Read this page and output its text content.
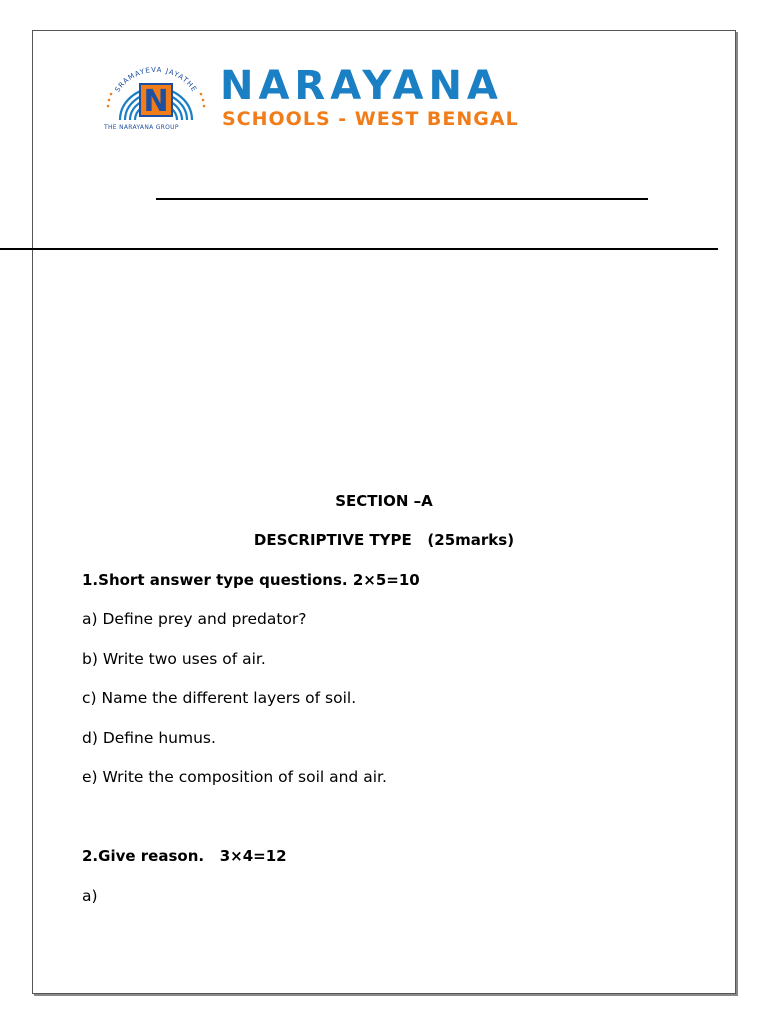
SRAMAYEVA JAYATHE
N
THE NARAYANA GROUP
NARAYANA
SCHOOLS - WEST BENGAL
SECTION –A
DESCRIPTIVE TYPE   (25marks)
1.Short answer type questions. 2×5=10
a) Define prey and predator?
b) Write two uses of air.
c) Name the different layers of soil.
d) Define humus.
e) Write the composition of soil and air.
2.Give reason.   3×4=12
a)
